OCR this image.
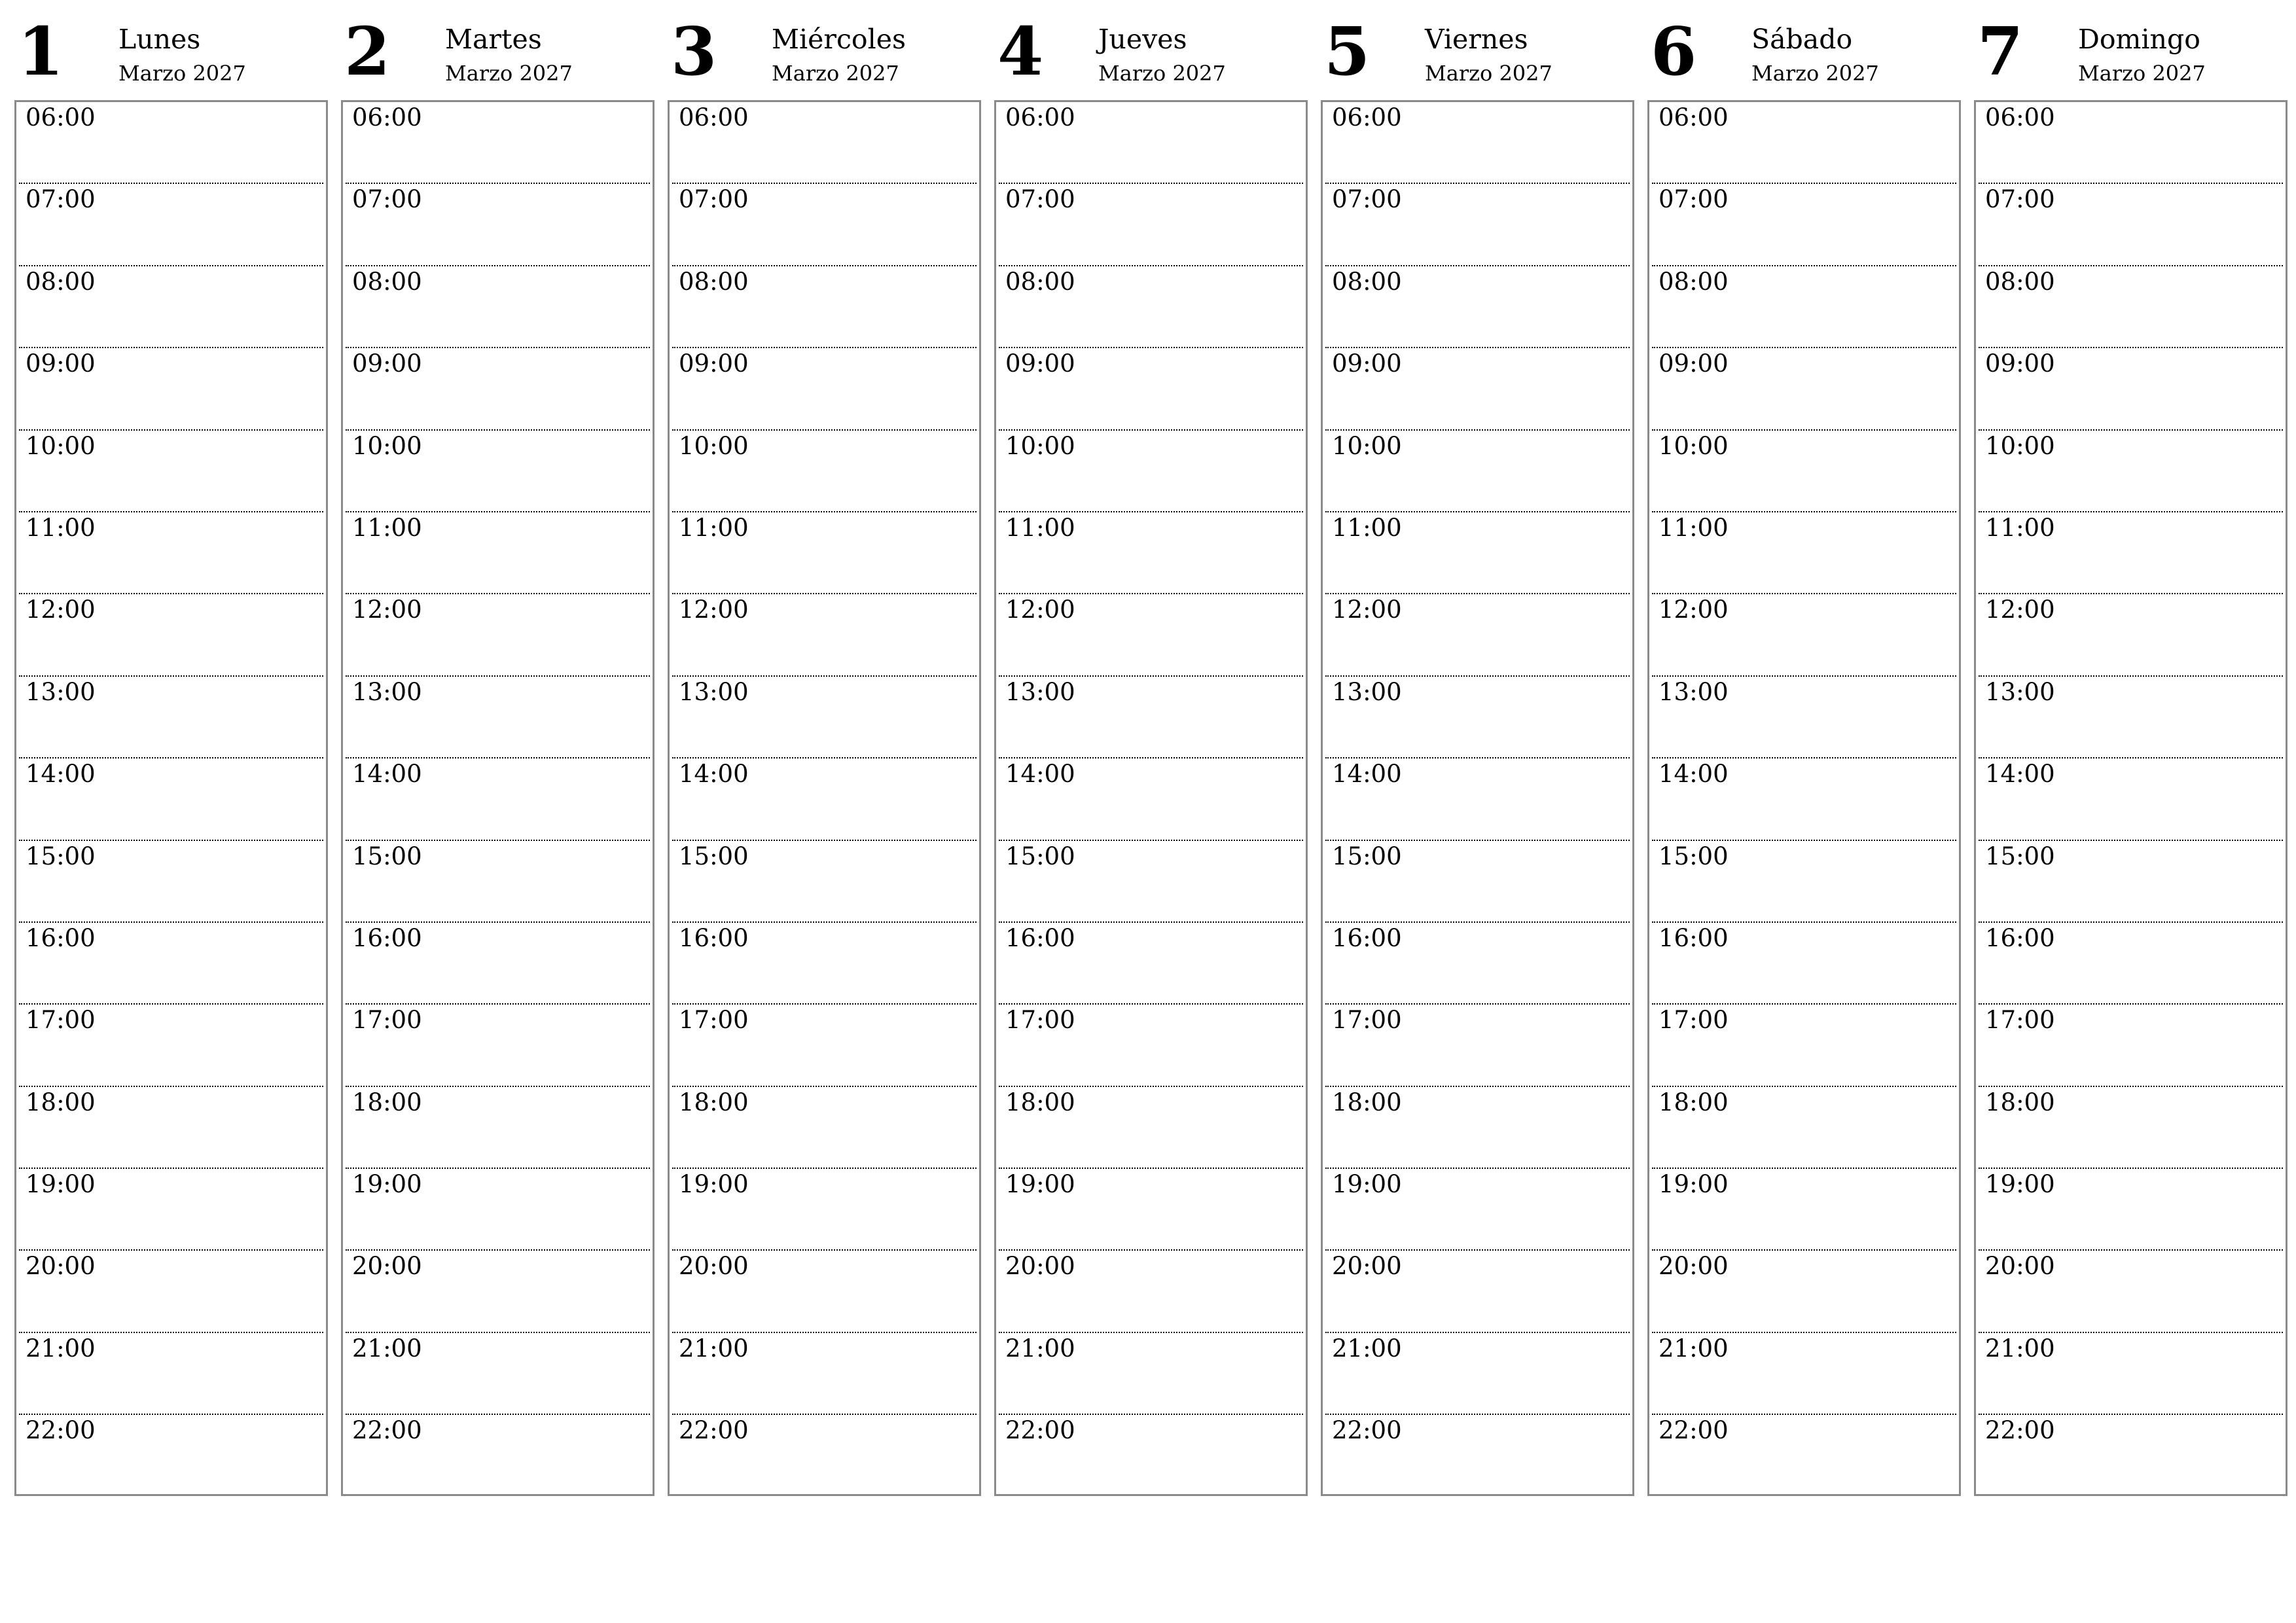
1 Lunes
Marzo 2027
06:00
07:00
08:00
09:00
10:00
11:00
12:00
13:00
14:00
15:00
16:00
17:00
18:00
19:00
20:00
21:00
22:00
2 Martes
Marzo 2027
06:00
07:00
08:00
09:00
10:00
11:00
12:00
13:00
14:00
15:00
16:00
17:00
18:00
19:00
20:00
21:00
22:00
3 Miércoles
Marzo 2027
06:00
07:00
08:00
09:00
10:00
11:00
12:00
13:00
14:00
15:00
16:00
17:00
18:00
19:00
20:00
21:00
22:00
4 Jueves
Marzo 2027
06:00
07:00
08:00
09:00
10:00
11:00
12:00
13:00
14:00
15:00
16:00
17:00
18:00
19:00
20:00
21:00
22:00
5 Viernes
Marzo 2027
06:00
07:00
08:00
09:00
10:00
11:00
12:00
13:00
14:00
15:00
16:00
17:00
18:00
19:00
20:00
21:00
22:00
6 Sábado
Marzo 2027
06:00
07:00
08:00
09:00
10:00
11:00
12:00
13:00
14:00
15:00
16:00
17:00
18:00
19:00
20:00
21:00
22:00
7 Domingo
Marzo 2027
06:00
07:00
08:00
09:00
10:00
11:00
12:00
13:00
14:00
15:00
16:00
17:00
18:00
19:00
20:00
21:00
22:00
